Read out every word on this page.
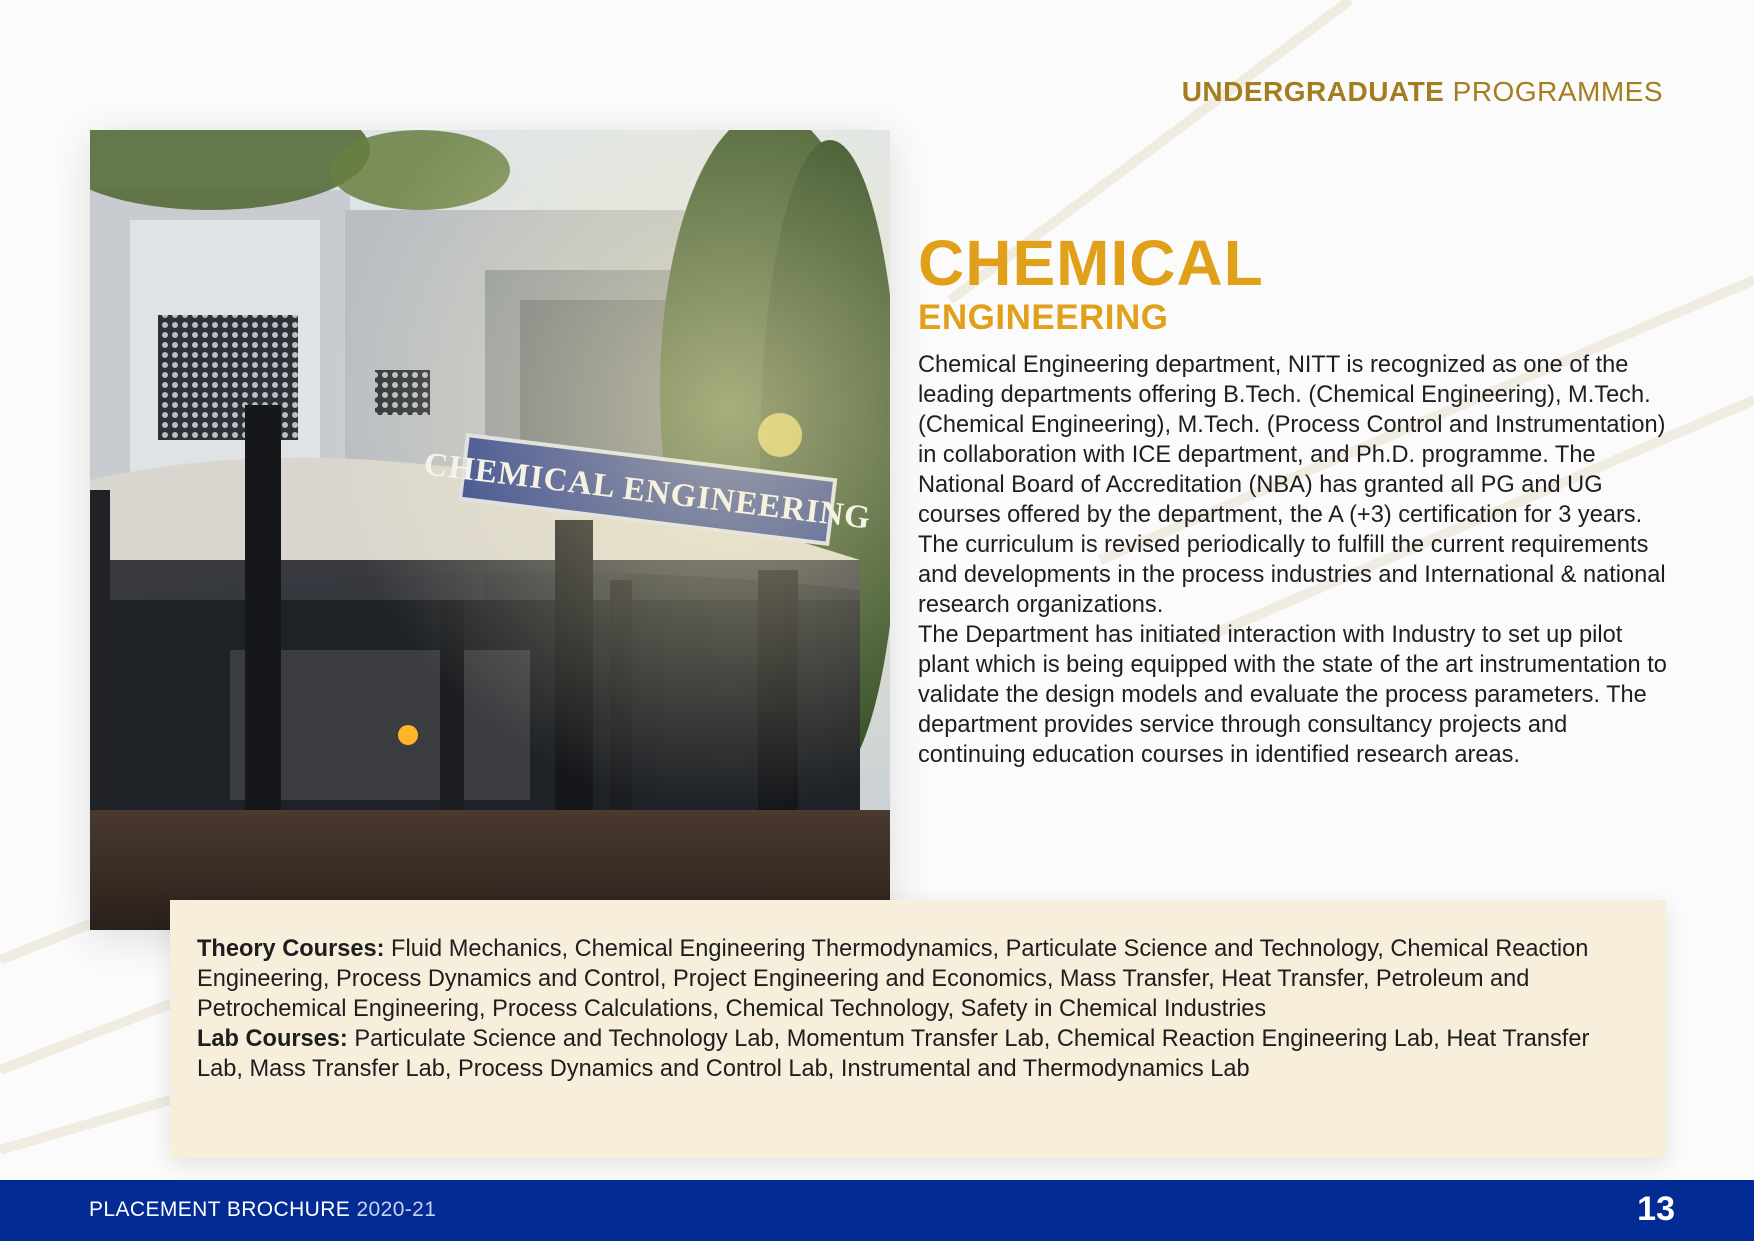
UNDERGRADUATE PROGRAMMES
CHEMICAL
ENGINEERING

Chemical Engineering department, NITT is recognized as one of the leading departments offering B.Tech. (Chemical Engineering), M.Tech. (Chemical Engineering), M.Tech. (Process Control and Instrumentation) in collaboration with ICE department, and Ph.D. programme. The National Board of Accreditation (NBA) has granted all PG and UG courses offered by the department, the A (+3) certification for 3 years. The curriculum is revised periodically to fulfill the current requirements and developments in the process industries and International & national research organizations.

The Department has initiated interaction with Industry to set up pilot plant which is being equipped with the state of the art instrumentation to validate the design models and evaluate the process parameters. The department provides service through consultancy projects and continuing education courses in identified research areas.

Theory Courses: Fluid Mechanics, Chemical Engineering Thermodynamics, Particulate Science and Technology, Chemical Reaction Engineering, Process Dynamics and Control, Project Engineering and Economics, Mass Transfer, Heat Transfer, Petroleum and Petrochemical Engineering, Process Calculations, Chemical Technology, Safety in Chemical Industries

Lab Courses: Particulate Science and Technology Lab, Momentum Transfer Lab, Chemical Reaction Engineering Lab, Heat Transfer Lab, Mass Transfer Lab, Process Dynamics and Control Lab, Instrumental and Thermodynamics Lab

PLACEMENT BROCHURE 2020-21	13
